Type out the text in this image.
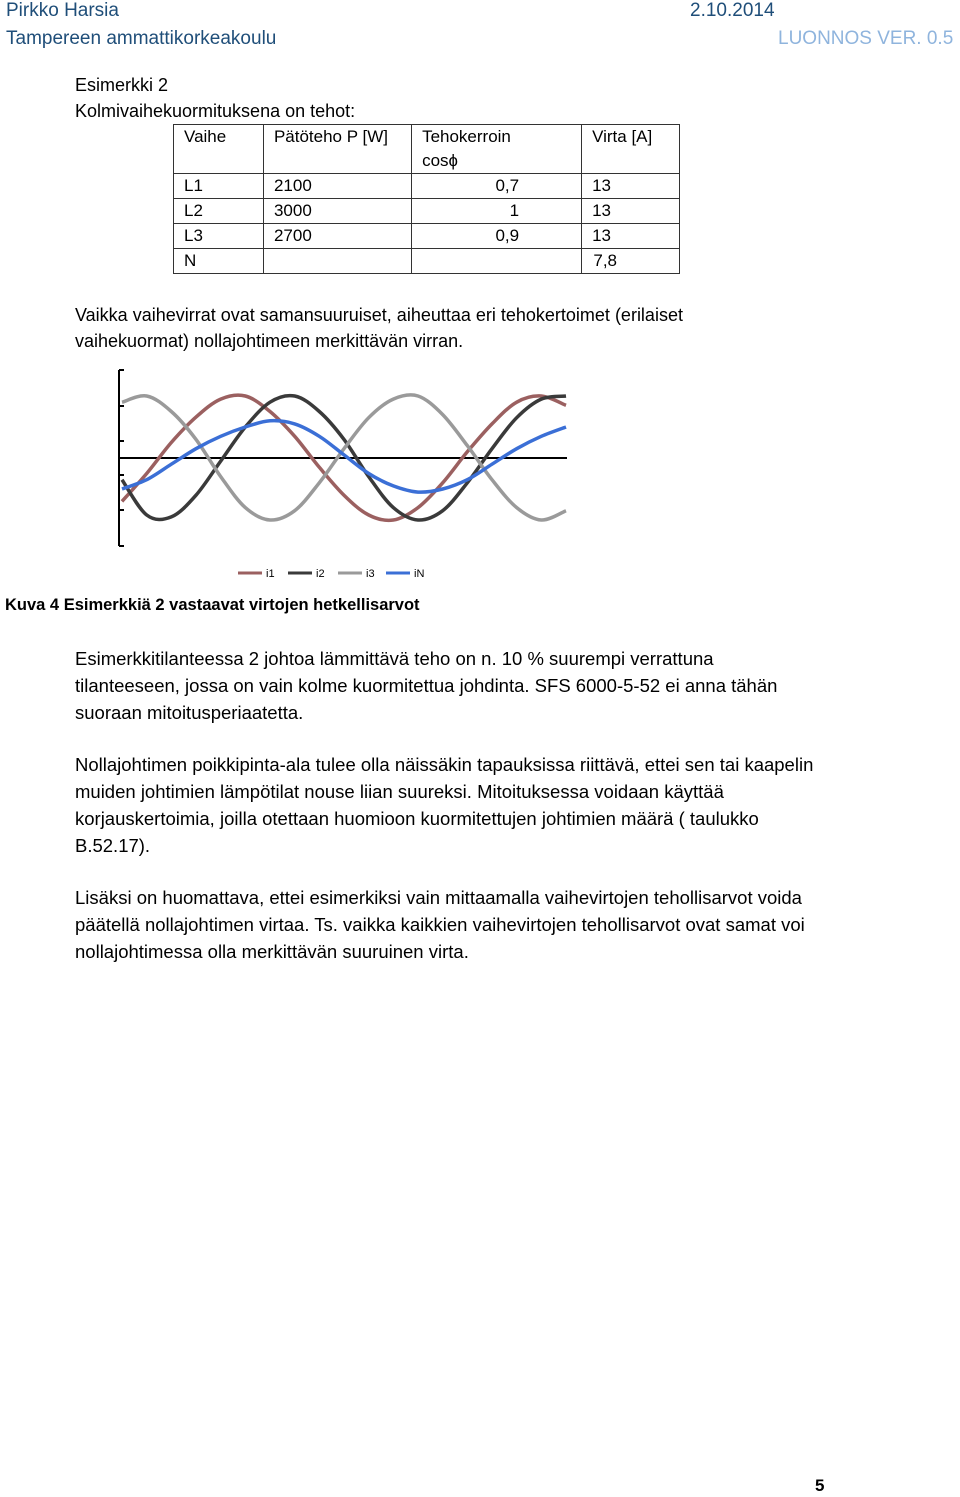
Pirkko Harsia	2.10.2014
Tampereen ammattikorkeakoulu	LUONNOS VER. 0.5
Esimerkki 2
Kolmivaihekuormituksena on tehot:
Vaihe	Pätöteho P [W]	Tehokerroin cosɸ	Virta [A]
L1	2100	0,7	13
L2	3000	1	13
L3	2700	0,9	13
N			7,8
Vaikka vaihevirrat ovat samansuuruiset, aiheuttaa eri tehokertoimet (erilaiset vaihekuormat) nollajohtimeen merkittävän virran.
i1	i2	i3	iN
Kuva 4 Esimerkkiä 2 vastaavat virtojen hetkellisarvot
Esimerkkitilanteessa 2 johtoa lämmittävä teho on n. 10 % suurempi verrattuna tilanteeseen, jossa on vain kolme kuormitettua johdinta. SFS 6000-5-52 ei anna tähän suoraan mitoitusperiaatetta.
Nollajohtimen poikkipinta-ala tulee olla näissäkin tapauksissa riittävä, ettei sen tai kaapelin muiden johtimien lämpötilat nouse liian suureksi. Mitoituksessa voidaan käyttää korjauskertoimia, joilla otettaan huomioon kuormitettujen johtimien määrä ( taulukko B.52.17).
Lisäksi on huomattava, ettei esimerkiksi vain mittaamalla vaihevirtojen tehollisarvot voida päätellä nollajohtimen virtaa. Ts. vaikka kaikkien vaihevirtojen tehollisarvot ovat samat voi nollajohtimessa olla merkittävän suuruinen virta.
5
